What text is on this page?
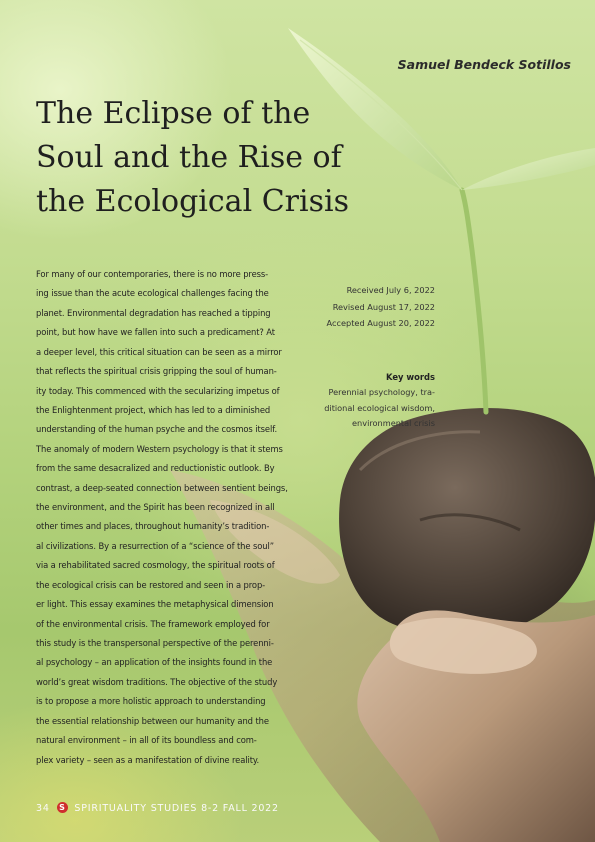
Samuel Bendeck Sotillos
The Eclipse of the
Soul and the Rise of
the Ecological Crisis
For many of our contemporaries, there is no more press-
ing issue than the acute ecological challenges facing the
planet. Environmental degradation has reached a tipping
point, but how have we fallen into such a predicament? At
a deeper level, this critical situation can be seen as a mirror
that reflects the spiritual crisis gripping the soul of human-
ity today. This commenced with the secularizing impetus of
the Enlightenment project, which has led to a diminished
understanding of the human psyche and the cosmos itself.
The anomaly of modern Western psychology is that it stems
from the same desacralized and reductionistic outlook. By
contrast, a deep-seated connection between sentient beings,
the environment, and the Spirit has been recognized in all
other times and places, throughout humanity’s tradition-
al civilizations. By a resurrection of a “science of the soul”
via a rehabilitated sacred cosmology, the spiritual roots of
the ecological crisis can be restored and seen in a prop-
er light. This essay examines the metaphysical dimension
of the environmental crisis. The framework employed for
this study is the transpersonal perspective of the perenni-
al psychology – an application of the insights found in the
world’s great wisdom traditions. The objective of the study
is to propose a more holistic approach to understanding
the essential relationship between our humanity and the
natural environment – in all of its boundless and com-
plex variety – seen as a manifestation of divine reality.
Received July 6, 2022
Revised August 17, 2022
Accepted August 20, 2022
Key words
Perennial psychology, tra-
ditional ecological wisdom,
environmental crisis
34 S SPIRITUALITY STUDIES 8-2 FALL 2022
